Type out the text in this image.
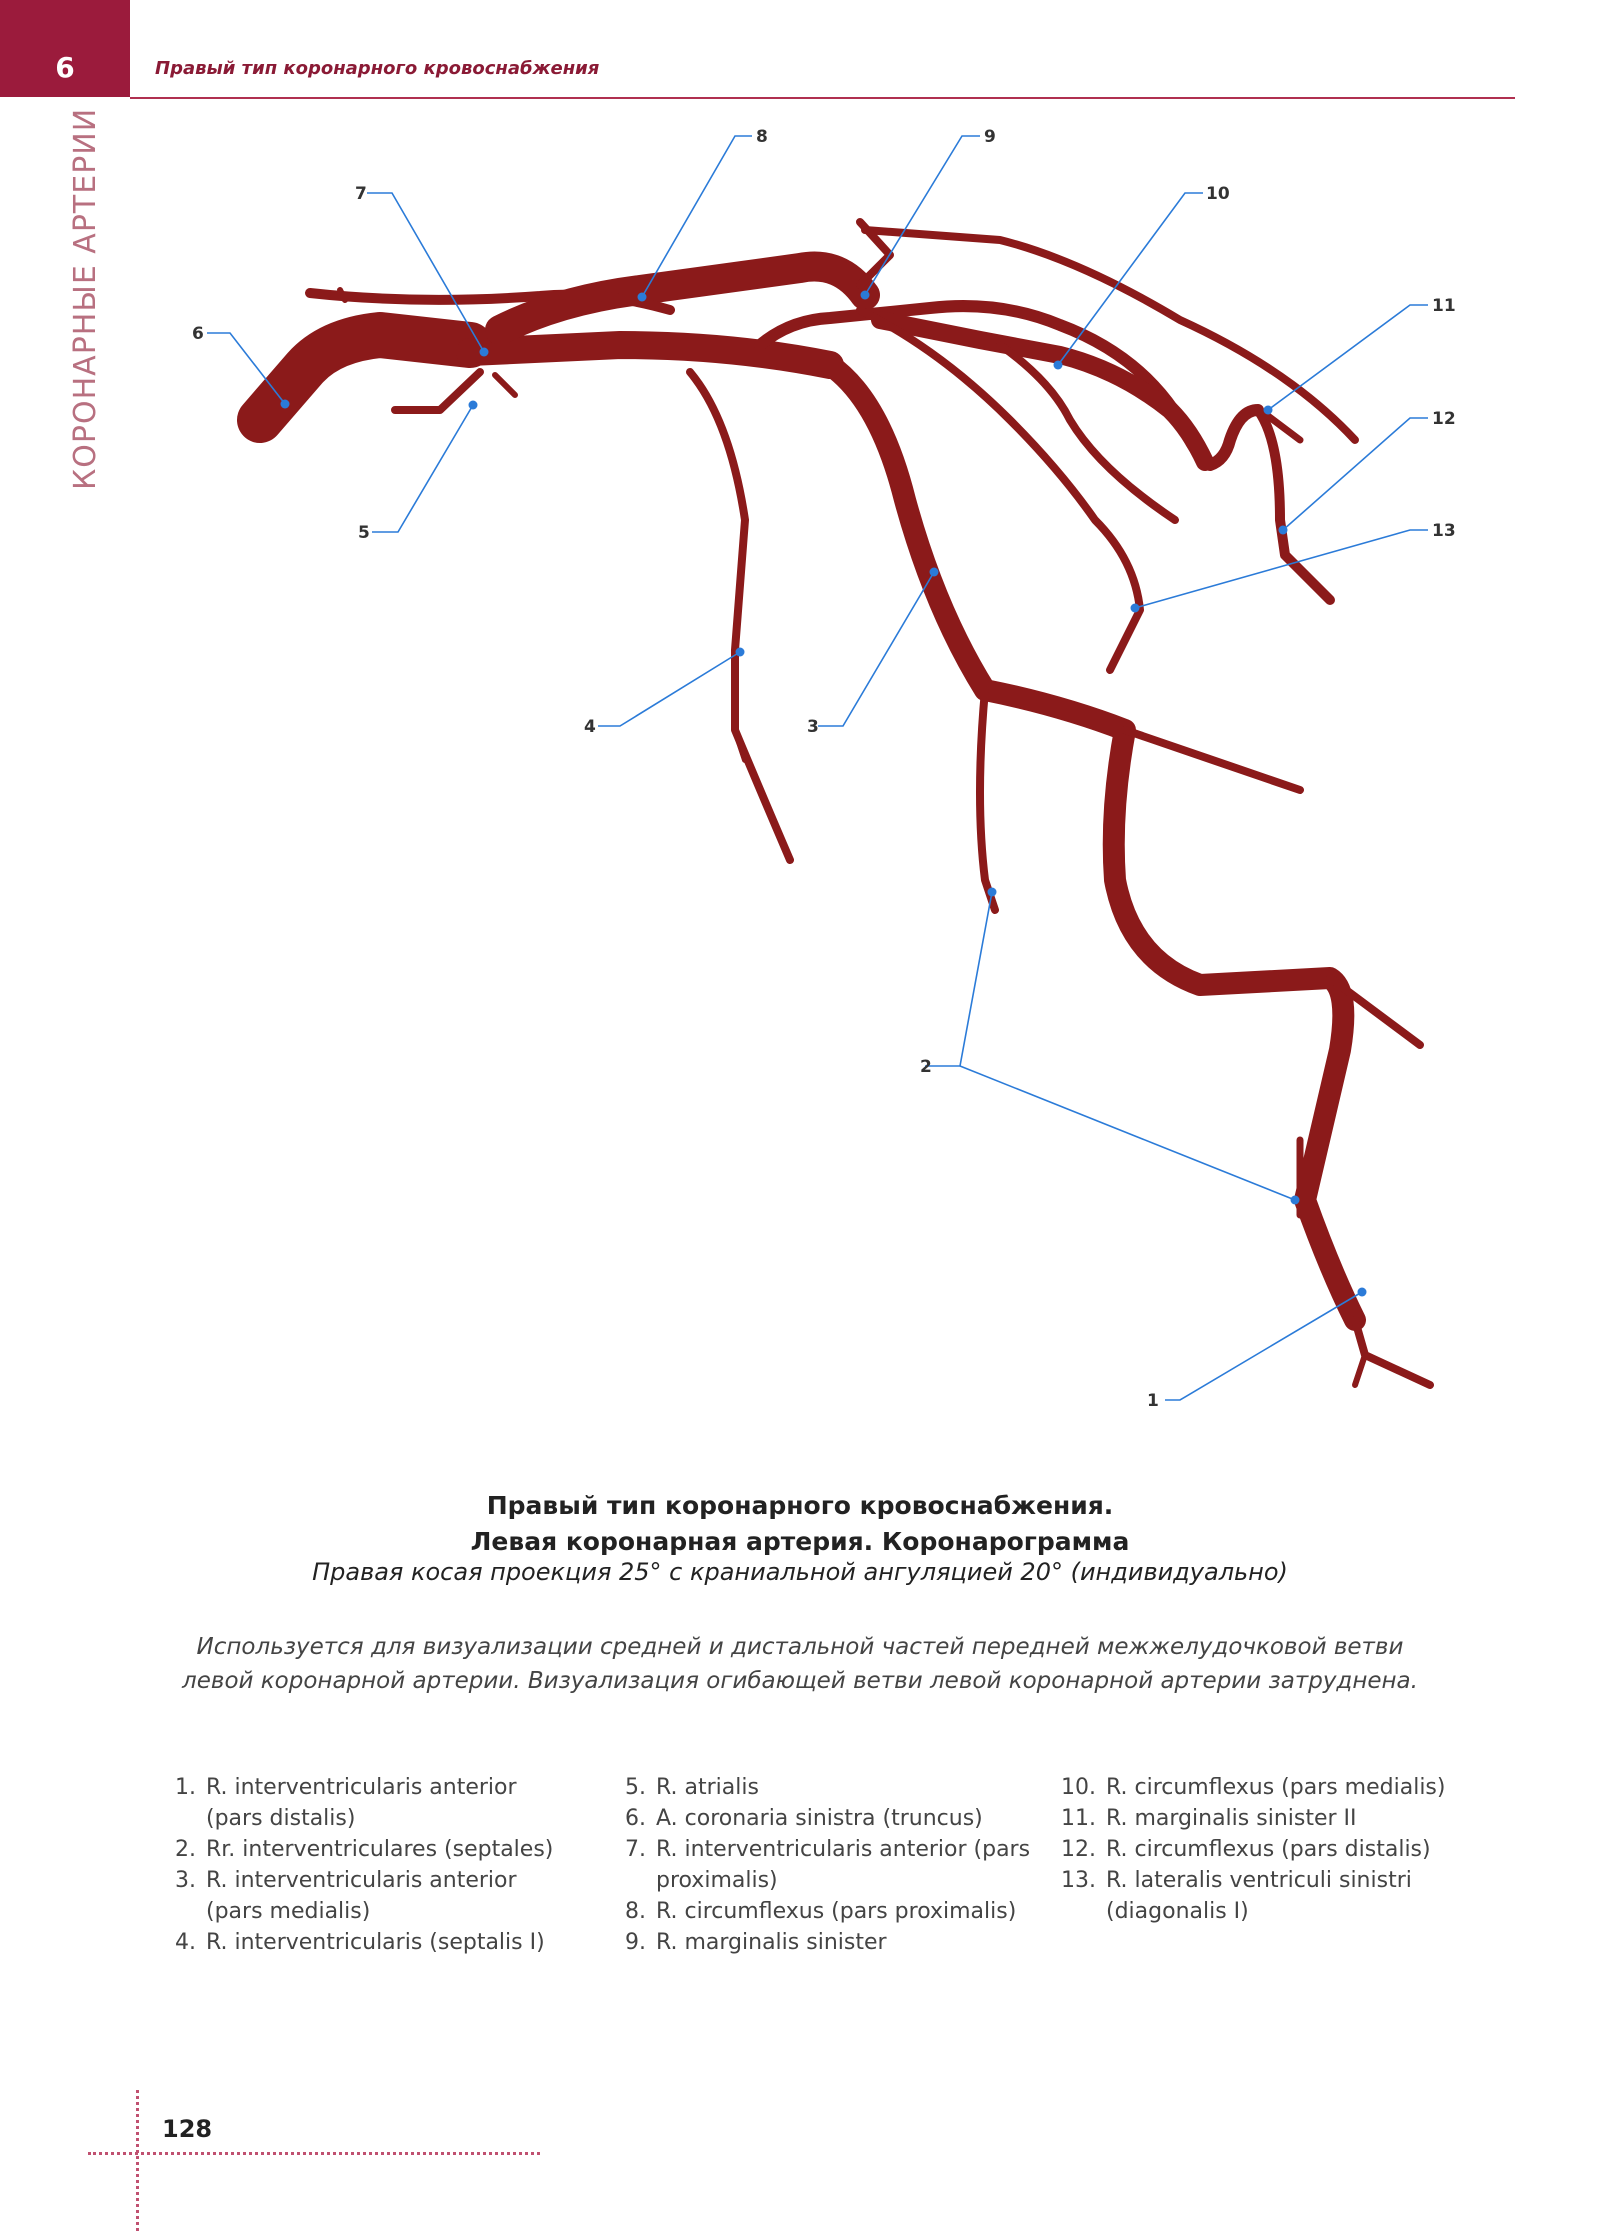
6	Правый тип коронарного кровоснабжения
КОРОНАРНЫЕ АРТЕРИИ
1
2
3
4
5
6
7
8	9
10
11
12
13
Правый тип коронарного кровоснабжения.
Левая коронарная артерия. Коронарограмма
Правая косая проекция 25° с краниальной ангуляцией 20° (индивидуально)
Используется для визуализации средней и дистальной частей передней межжелудочковой ветви
левой коронарной артерии. Визуализация огибающей ветви левой коронарной артерии затруднена.
1. R. interventricularis anterior (pars distalis)
2. Rr. interventriculares (septales)
3. R. interventricularis anterior (pars medialis)
4. R. interventricularis (septalis I)
5. R. atrialis
6. A. coronaria sinistra (truncus)
7. R. interventricularis anterior (pars proximalis)
8. R. circumflexus (pars proximalis)
9. R. marginalis sinister
10. R. circumflexus (pars medialis)
11. R. marginalis sinister II
12. R. circumflexus (pars distalis)
13. R. lateralis ventriculi sinistri (diagonalis I)
128
